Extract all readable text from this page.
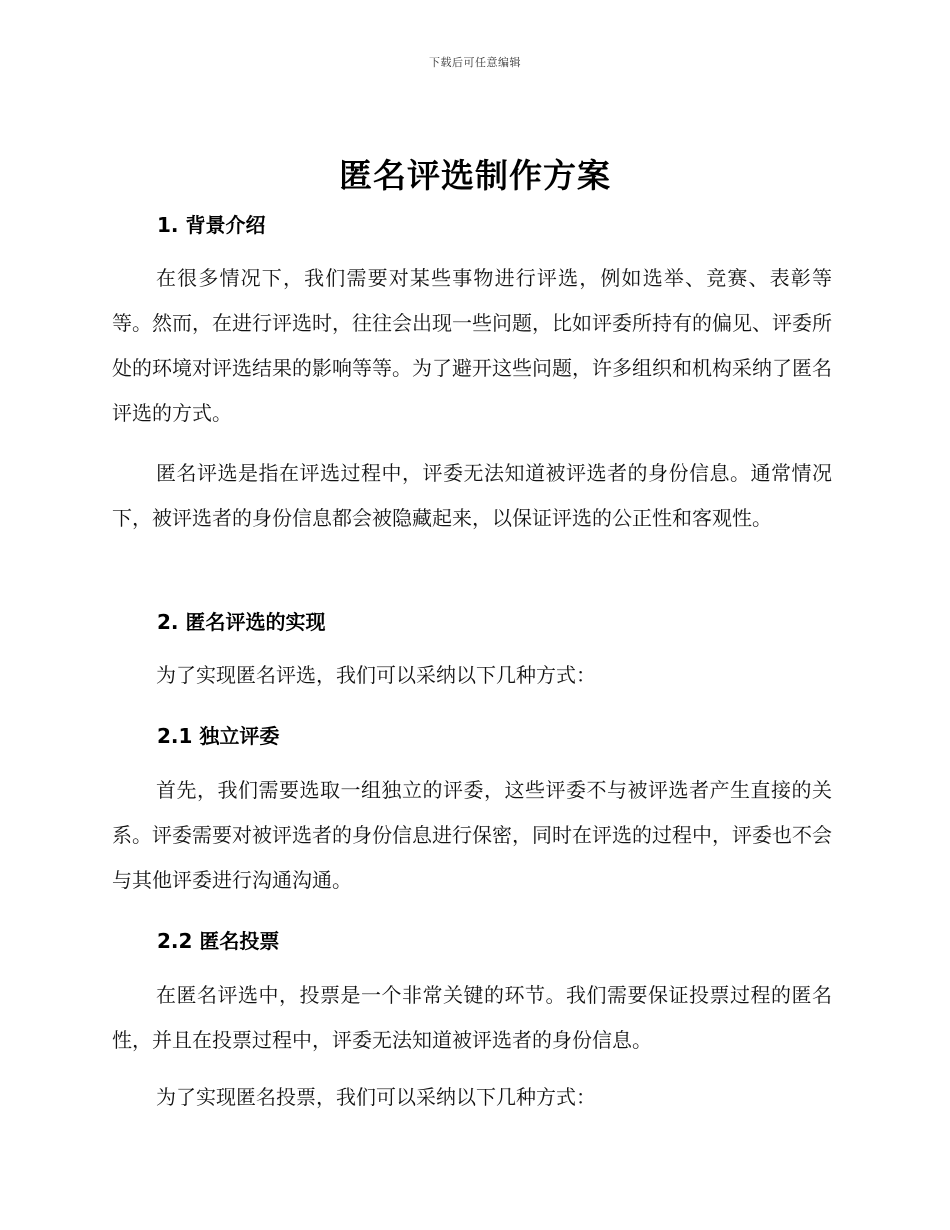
下载后可任意编辑
匿名评选制作方案
1. 背景介绍

在很多情况下，我们需要对某些事物进行评选，例如选举、竞赛、表彰等等。然而，在进行评选时，往往会出现一些问题，比如评委所持有的偏见、评委所处的环境对评选结果的影响等等。为了避开这些问题，许多组织和机构采纳了匿名评选的方式。

匿名评选是指在评选过程中，评委无法知道被评选者的身份信息。通常情况下，被评选者的身份信息都会被隐藏起来，以保证评选的公正性和客观性。

2. 匿名评选的实现

为了实现匿名评选，我们可以采纳以下几种方式：

2.1 独立评委

首先，我们需要选取一组独立的评委，这些评委不与被评选者产生直接的关系。评委需要对被评选者的身份信息进行保密，同时在评选的过程中，评委也不会与其他评委进行沟通沟通。

2.2 匿名投票

在匿名评选中，投票是一个非常关键的环节。我们需要保证投票过程的匿名性，并且在投票过程中，评委无法知道被评选者的身份信息。

为了实现匿名投票，我们可以采纳以下几种方式：
